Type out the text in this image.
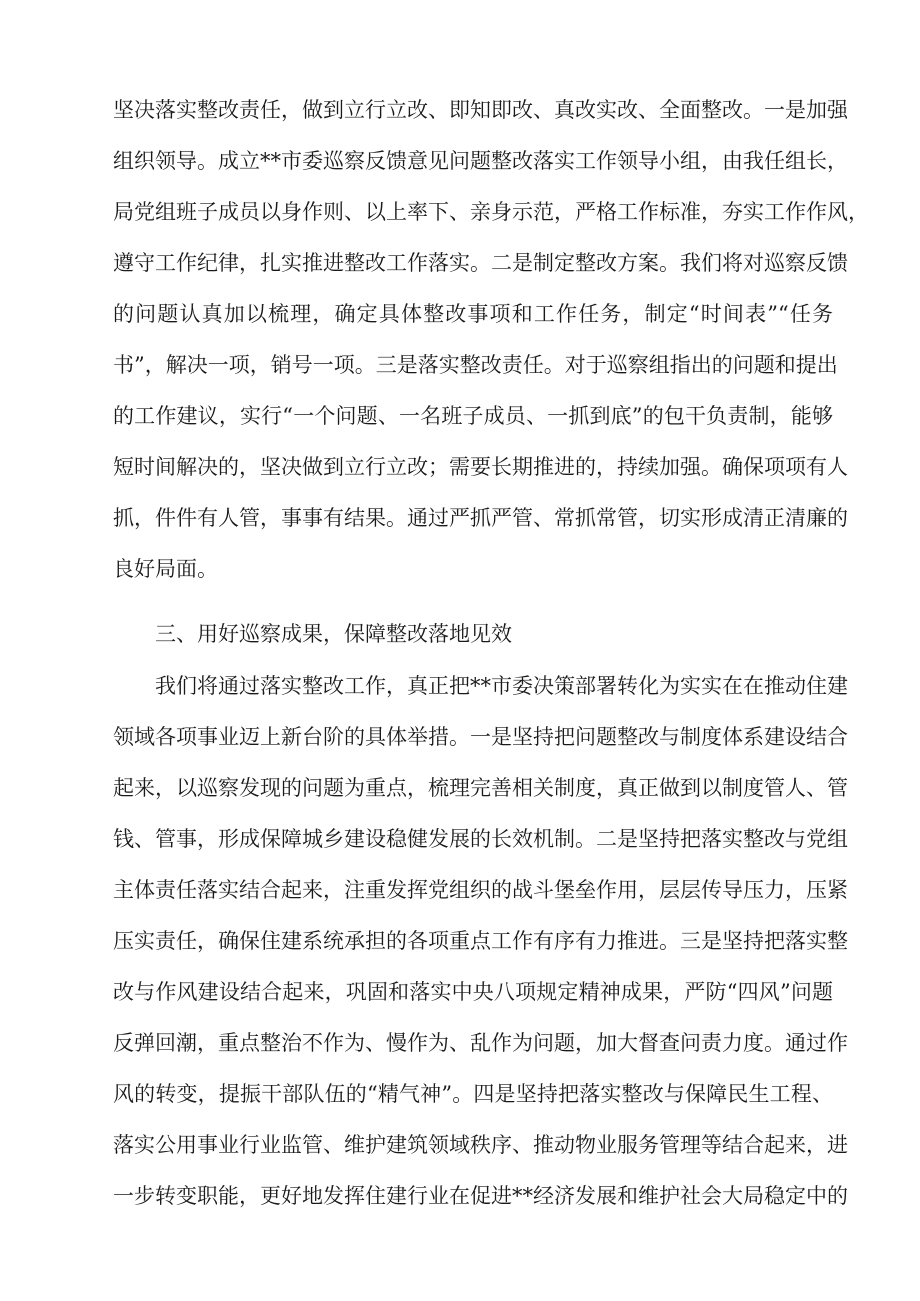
坚决落实整改责任，做到立行立改、即知即改、真改实改、全面整改。一是加强
组织领导。成立**市委巡察反馈意见问题整改落实工作领导小组，由我任组长，
局党组班子成员以身作则、以上率下、亲身示范，严格工作标准，夯实工作作风，
遵守工作纪律，扎实推进整改工作落实。二是制定整改方案。我们将对巡察反馈
的问题认真加以梳理，确定具体整改事项和工作任务，制定“时间表”“任务
书”，解决一项，销号一项。三是落实整改责任。对于巡察组指出的问题和提出
的工作建议，实行“一个问题、一名班子成员、一抓到底”的包干负责制，能够
短时间解决的，坚决做到立行立改；需要长期推进的，持续加强。确保项项有人
抓，件件有人管，事事有结果。通过严抓严管、常抓常管，切实形成清正清廉的
良好局面。
三、用好巡察成果，保障整改落地见效
我们将通过落实整改工作，真正把**市委决策部署转化为实实在在推动住建
领域各项事业迈上新台阶的具体举措。一是坚持把问题整改与制度体系建设结合
起来，以巡察发现的问题为重点，梳理完善相关制度，真正做到以制度管人、管
钱、管事，形成保障城乡建设稳健发展的长效机制。二是坚持把落实整改与党组
主体责任落实结合起来，注重发挥党组织的战斗堡垒作用，层层传导压力，压紧
压实责任，确保住建系统承担的各项重点工作有序有力推进。三是坚持把落实整
改与作风建设结合起来，巩固和落实中央八项规定精神成果，严防“四风”问题
反弹回潮，重点整治不作为、慢作为、乱作为问题，加大督查问责力度。通过作
风的转变，提振干部队伍的“精气神”。四是坚持把落实整改与保障民生工程、
落实公用事业行业监管、维护建筑领域秩序、推动物业服务管理等结合起来，进
一步转变职能，更好地发挥住建行业在促进**经济发展和维护社会大局稳定中的
